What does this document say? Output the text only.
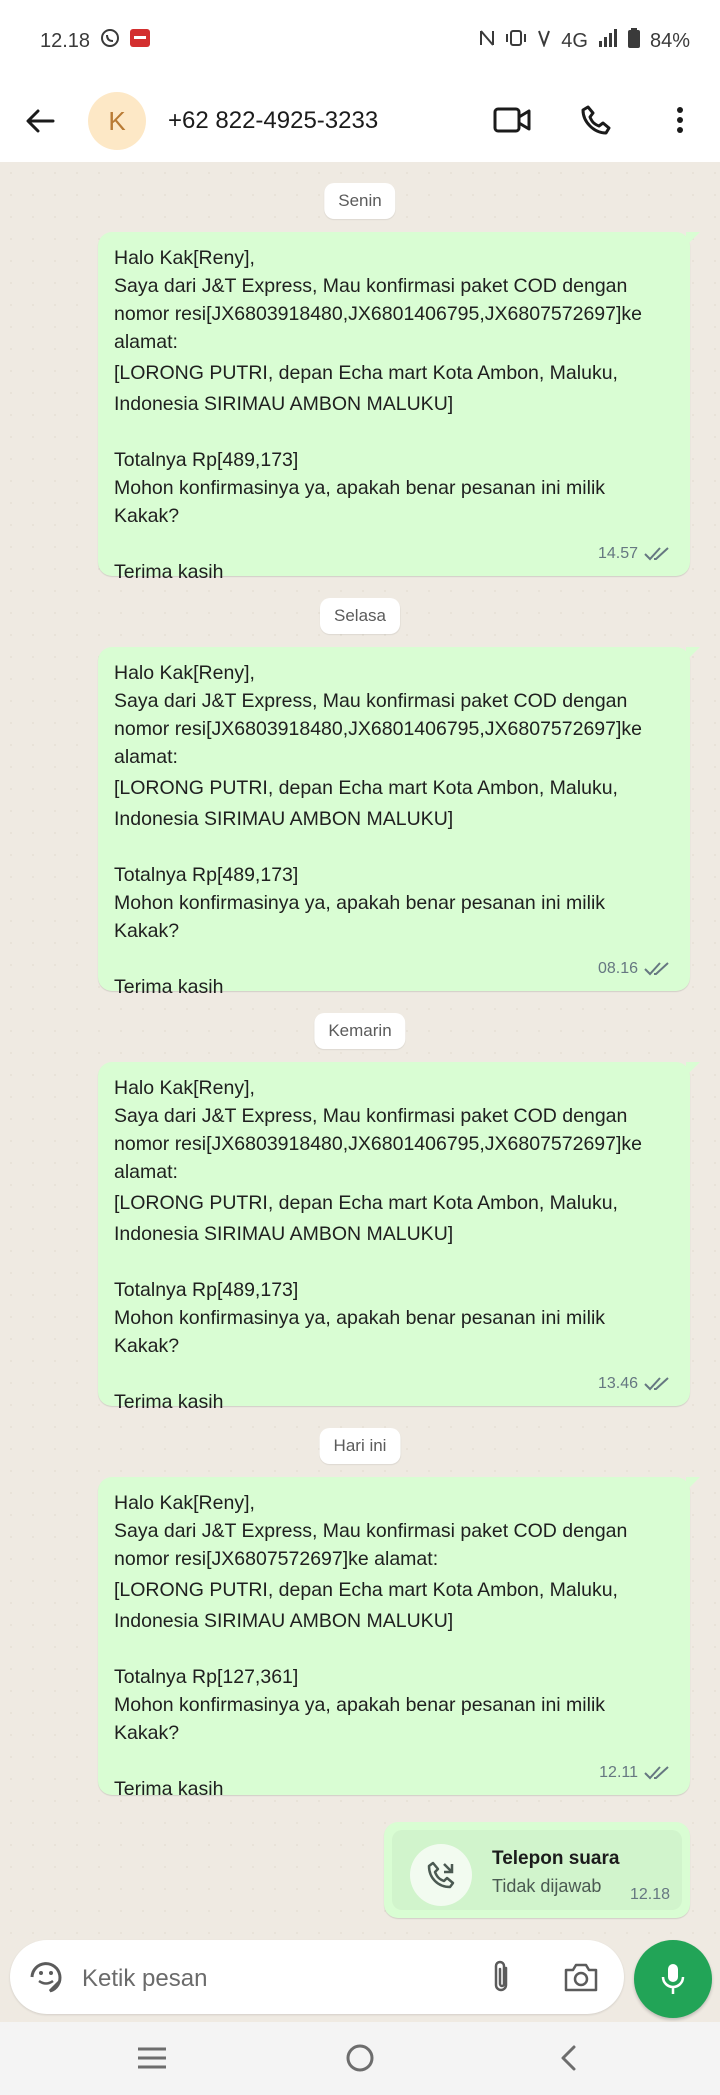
12.18	4G	84%
K	+62 822-4925-3233
Senin

Halo Kak[Reny],

Saya dari J&T Express, Mau konfirmasi paket COD dengan

nomor resi[JX6803918480,JX6801406795,JX6807572697]ke

alamat:

[LORONG PUTRI, depan Echa mart Kota Ambon, Maluku,

Indonesia SIRIMAU AMBON MALUKU]

Totalnya Rp[489,173]

Mohon konfirmasinya ya, apakah benar pesanan ini milik

Kakak?

Terima kasih

14.57
Selasa

Halo Kak[Reny],

Saya dari J&T Express, Mau konfirmasi paket COD dengan

nomor resi[JX6803918480,JX6801406795,JX6807572697]ke

alamat:

[LORONG PUTRI, depan Echa mart Kota Ambon, Maluku,

Indonesia SIRIMAU AMBON MALUKU]

Totalnya Rp[489,173]

Mohon konfirmasinya ya, apakah benar pesanan ini milik

Kakak?

Terima kasih

08.16
Kemarin

Halo Kak[Reny],

Saya dari J&T Express, Mau konfirmasi paket COD dengan

nomor resi[JX6803918480,JX6801406795,JX6807572697]ke

alamat:

[LORONG PUTRI, depan Echa mart Kota Ambon, Maluku,

Indonesia SIRIMAU AMBON MALUKU]

Totalnya Rp[489,173]

Mohon konfirmasinya ya, apakah benar pesanan ini milik

Kakak?

Terima kasih

13.46
Hari ini

Halo Kak[Reny],

Saya dari J&T Express, Mau konfirmasi paket COD dengan

nomor resi[JX6807572697]ke alamat:

[LORONG PUTRI, depan Echa mart Kota Ambon, Maluku,

Indonesia SIRIMAU AMBON MALUKU]

Totalnya Rp[127,361]

Mohon konfirmasinya ya, apakah benar pesanan ini milik

Kakak?

Terima kasih

12.11
Telepon suara
Tidak dijawab 12.18
Ketik pesan
